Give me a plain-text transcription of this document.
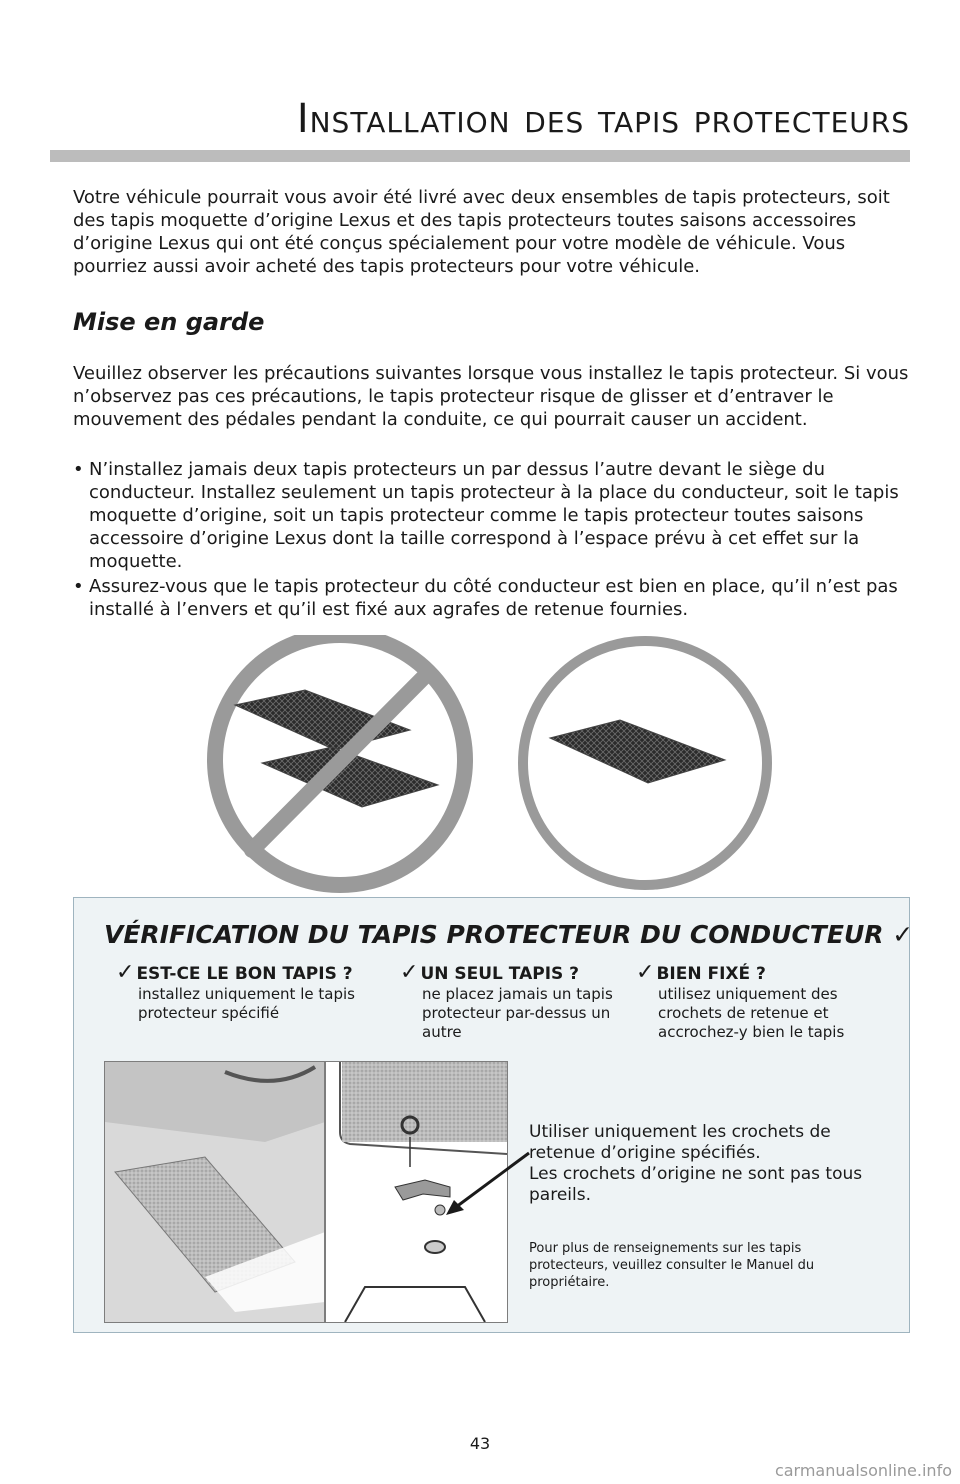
Installation des tapis protecteurs

Votre véhicule pourrait vous avoir été livré avec deux ensembles de tapis protecteurs, soit des tapis moquette d’origine Lexus et des tapis protecteurs toutes saisons accessoires d’origine Lexus qui ont été conçus spécialement pour votre modèle de véhicule. Vous pourriez aussi avoir acheté des tapis protecteurs pour votre véhicule.

Mise en garde

Veuillez observer les précautions suivantes lorsque vous installez le tapis protecteur. Si vous n’observez pas ces précautions, le tapis protecteur risque de glisser et d’entraver le mouvement des pédales pendant la conduite, ce qui pourrait causer un accident.

• N’installez jamais deux tapis protecteurs un par dessus l’autre devant le siège du conducteur. Installez seulement un tapis protecteur à la place du conducteur, soit le tapis moquette d’origine, soit un tapis protecteur comme le tapis protecteur toutes saisons accessoire d’origine Lexus dont la taille correspond à l’espace prévu à cet effet sur la moquette.
• Assurez-vous que le tapis protecteur du côté conducteur est bien en place, qu’il n’est pas installé à l’envers et qu’il est fixé aux agrafes de retenue fournies.
VÉRIFICATION DU TAPIS PROTECTEUR DU CONDUCTEUR ✓
✓ EST-CE LE BON TAPIS ?
installez uniquement le tapis protecteur spécifié
✓ UN SEUL TAPIS ?
ne placez jamais un tapis protecteur par-dessus un autre
✓ BIEN FIXÉ ?
utilisez uniquement des crochets de retenue et accrochez-y bien le tapis

Utiliser uniquement les crochets de retenue d’origine spécifiés.
Les crochets d’origine ne sont pas tous pareils.

Pour plus de renseignements sur les tapis protecteurs, veuillez consulter le Manuel du propriétaire.

43

carmanualsonline.info
